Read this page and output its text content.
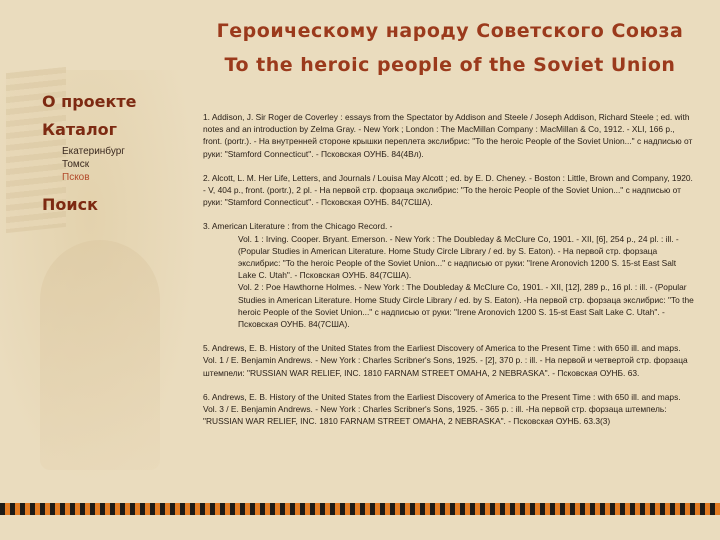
Героическому народу Советского Союза
To the heroic people of the Soviet Union
О проекте
Каталог
Екатеринбург
Томск
Псков
Поиск
1. Addison, J. Sir Roger de Coverley : essays from the Spectator by Addison and Steele / Joseph Addison, Richard Steele ; ed. with notes and an introduction by Zelma Gray. - New York ; London : The MacMillan Company : MacMillan & Co, 1912. - XLI, 166 p., front. (portr.). - На внутренней стороне крышки переплета экслибрис: "To the heroic People of the Soviet Union..." с надписью от руки: "Stamford Connecticut". - Псковская ОУНБ. 84(4Вл).
2. Alcott, L. M. Her Life, Letters, and Journals / Louisa May Alcott ; ed. by E. D. Cheney. - Boston : Little, Brown and Company, 1920. - V, 404 p., front. (portr.), 2 pl. - На первой стр. форзаца экслибрис: "To the heroic People of the Soviet Union..." с надписью от руки: "Stamford Connecticut". - Псковская ОУНБ. 84(7США).
3. American Literature : from the Chicago Record. -
Vol. 1 : Irving. Cooper. Bryant. Emerson. - New York : The Doubleday & McClure Co, 1901. - XII, [6], 254 p., 24 pl. : ill. - (Popular Studies in American Literature. Home Study Circle Library / ed. by S. Eaton). - На первой стр. форзаца экслибрис: "To the heroic People of the Soviet Union..." с надписью от руки: "Irene Aronovich 1200 S. 15-st East Salt Lake C. Utah". - Псковская ОУНБ. 84(7США).
Vol. 2 : Poe Hawthorne Holmes. - New York : The Doubleday & McClure Co, 1901. - XII, [12], 289 p., 16 pl. : ill. - (Popular Studies in American Literature. Home Study Circle Library / ed. by S. Eaton). -На первой стр. форзаца экслибрис: "To the heroic People of the Soviet Union..." с надписью от руки: "Irene Aronovich 1200 S. 15-st East Salt Lake C. Utah". - Псковская ОУНБ. 84(7США).
5. Andrews, E. B. History of the United States from the Earliest Discovery of America to the Present Time : with 650 ill. and maps. Vol. 1 / E. Benjamin Andrews. - New York : Charles Scribner's Sons, 1925. - [2], 370 p. : ill. - На первой и четвертой стр. форзаца штемпели: "RUSSIAN WAR RELIEF, INC. 1810 FARNAM STREET OMAHA, 2 NEBRASKA". - Псковская ОУНБ. 63.
6. Andrews, E. B. History of the United States from the Earliest Discovery of America to the Present Time : with 650 ill. and maps. Vol. 3 / E. Benjamin Andrews. - New York : Charles Scribner's Sons, 1925. - 365 p. : ill. -На первой стр. форзаца штемпель: "RUSSIAN WAR RELIEF, INC. 1810 FARNAM STREET OMAHA, 2 NEBRASKA". - Псковская ОУНБ. 63.3(3)
